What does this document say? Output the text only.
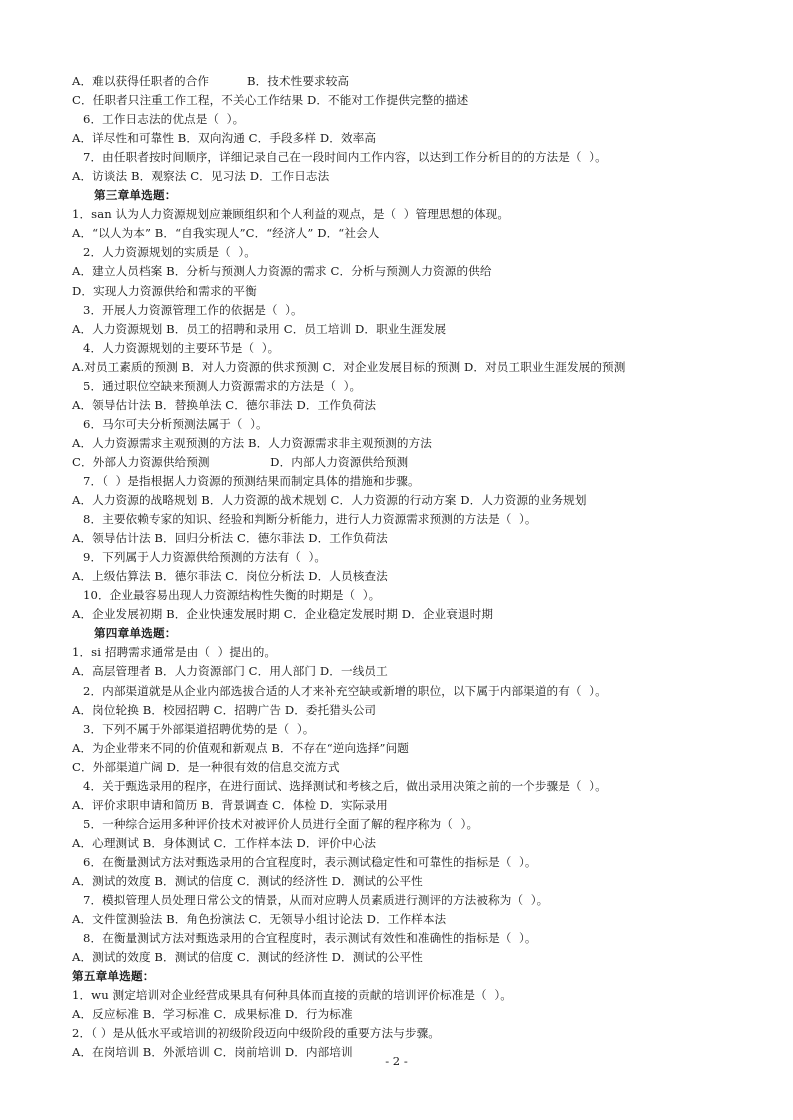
A．难以获得任职者的合作          B．技术性要求较高

C．任职者只注重工作工程，不关心工作结果 D．不能对工作提供完整的描述

6．工作日志法的优点是（  ）。

A．详尽性和可靠性 B．双向沟通 C．手段多样 D．效率高

7．由任职者按时间顺序，详细记录自己在一段时间内工作内容，以达到工作分析目的的方法是（  ）。

A．访谈法 B．观察法 C．见习法 D．工作日志法

第三章单选题：

1．san 认为人力资源规划应兼顾组织和个人利益的观点，是（  ）管理思想的体现。

A．“以人为本” B．“自我实现人”C．“经济人” D．“社会人

2．人力资源规划的实质是（  ）。

A．建立人员档案 B．分析与预测人力资源的需求 C．分析与预测人力资源的供给

D．实现人力资源供给和需求的平衡

3．开展人力资源管理工作的依据是（  ）。

A．人力资源规划 B．员工的招聘和录用 C．员工培训 D．职业生涯发展

4．人力资源规划的主要环节是（  ）。

A.对员工素质的预测 B．对人力资源的供求预测 C．对企业发展目标的预测 D．对员工职业生涯发展的预测

5．通过职位空缺来预测人力资源需求的方法是（  ）。

A．领导估计法 B．替换单法 C．德尔菲法 D．工作负荷法

6．马尔可夫分析预测法属于（  ）。

A．人力资源需求主观预测的方法 B．人力资源需求非主观预测的方法

C．外部人力资源供给预测                D．内部人力资源供给预测

7．（  ）是指根据人力资源的预测结果而制定具体的措施和步骤。

A．人力资源的战略规划 B．人力资源的战术规划 C．人力资源的行动方案 D．人力资源的业务规划

8．主要依赖专家的知识、经验和判断分析能力，进行人力资源需求预测的方法是（  ）。

A．领导估计法 B．回归分析法 C．德尔菲法 D．工作负荷法

9．下列属于人力资源供给预测的方法有（  ）。

A．上级估算法 B．德尔菲法 C．岗位分析法 D．人员核查法

10．企业最容易出现人力资源结构性失衡的时期是（  ）。

A．企业发展初期 B．企业快速发展时期 C．企业稳定发展时期 D．企业衰退时期

第四章单选题：

1．si 招聘需求通常是由（  ）提出的。

A．高层管理者 B．人力资源部门 C．用人部门 D．一线员工

2．内部渠道就是从企业内部选拔合适的人才来补充空缺或新增的职位，以下属于内部渠道的有（  ）。

A．岗位轮换 B．校园招聘 C．招聘广告 D．委托猎头公司

3．下列不属于外部渠道招聘优势的是（  ）。

A．为企业带来不同的价值观和新观点 B．不存在“逆向选择”问题

C．外部渠道广阔 D．是一种很有效的信息交流方式

4．关于甄选录用的程序，在进行面试、选择测试和考核之后，做出录用决策之前的一个步骤是（  ）。

A．评价求职申请和简历 B．背景调查 C．体检 D．实际录用

5．一种综合运用多种评价技术对被评价人员进行全面了解的程序称为（  ）。

A．心理测试 B．身体测试 C．工作样本法 D．评价中心法

6．在衡量测试方法对甄选录用的合宜程度时，表示测试稳定性和可靠性的指标是（  ）。

A．测试的效度 B．测试的信度 C．测试的经济性 D．测试的公平性

7．模拟管理人员处理日常公文的情景，从而对应聘人员素质进行测评的方法被称为（  ）。

A．文件筐测验法 B．角色扮演法 C．无领导小组讨论法 D．工作样本法

8．在衡量测试方法对甄选录用的合宜程度时，表示测试有效性和准确性的指标是（  ）。

A．测试的效度 B．测试的信度 C．测试的经济性 D．测试的公平性

第五章单选题：

1．wu 测定培训对企业经营成果具有何种具体而直接的贡献的培训评价标准是（  ）。

A．反应标准 B．学习标准 C．成果标准 D．行为标准

2．（ ）是从低水平或培训的初级阶段迈向中级阶段的重要方法与步骤。

A．在岗培训 B．外派培训 C．岗前培训 D．内部培训

- 2 -
